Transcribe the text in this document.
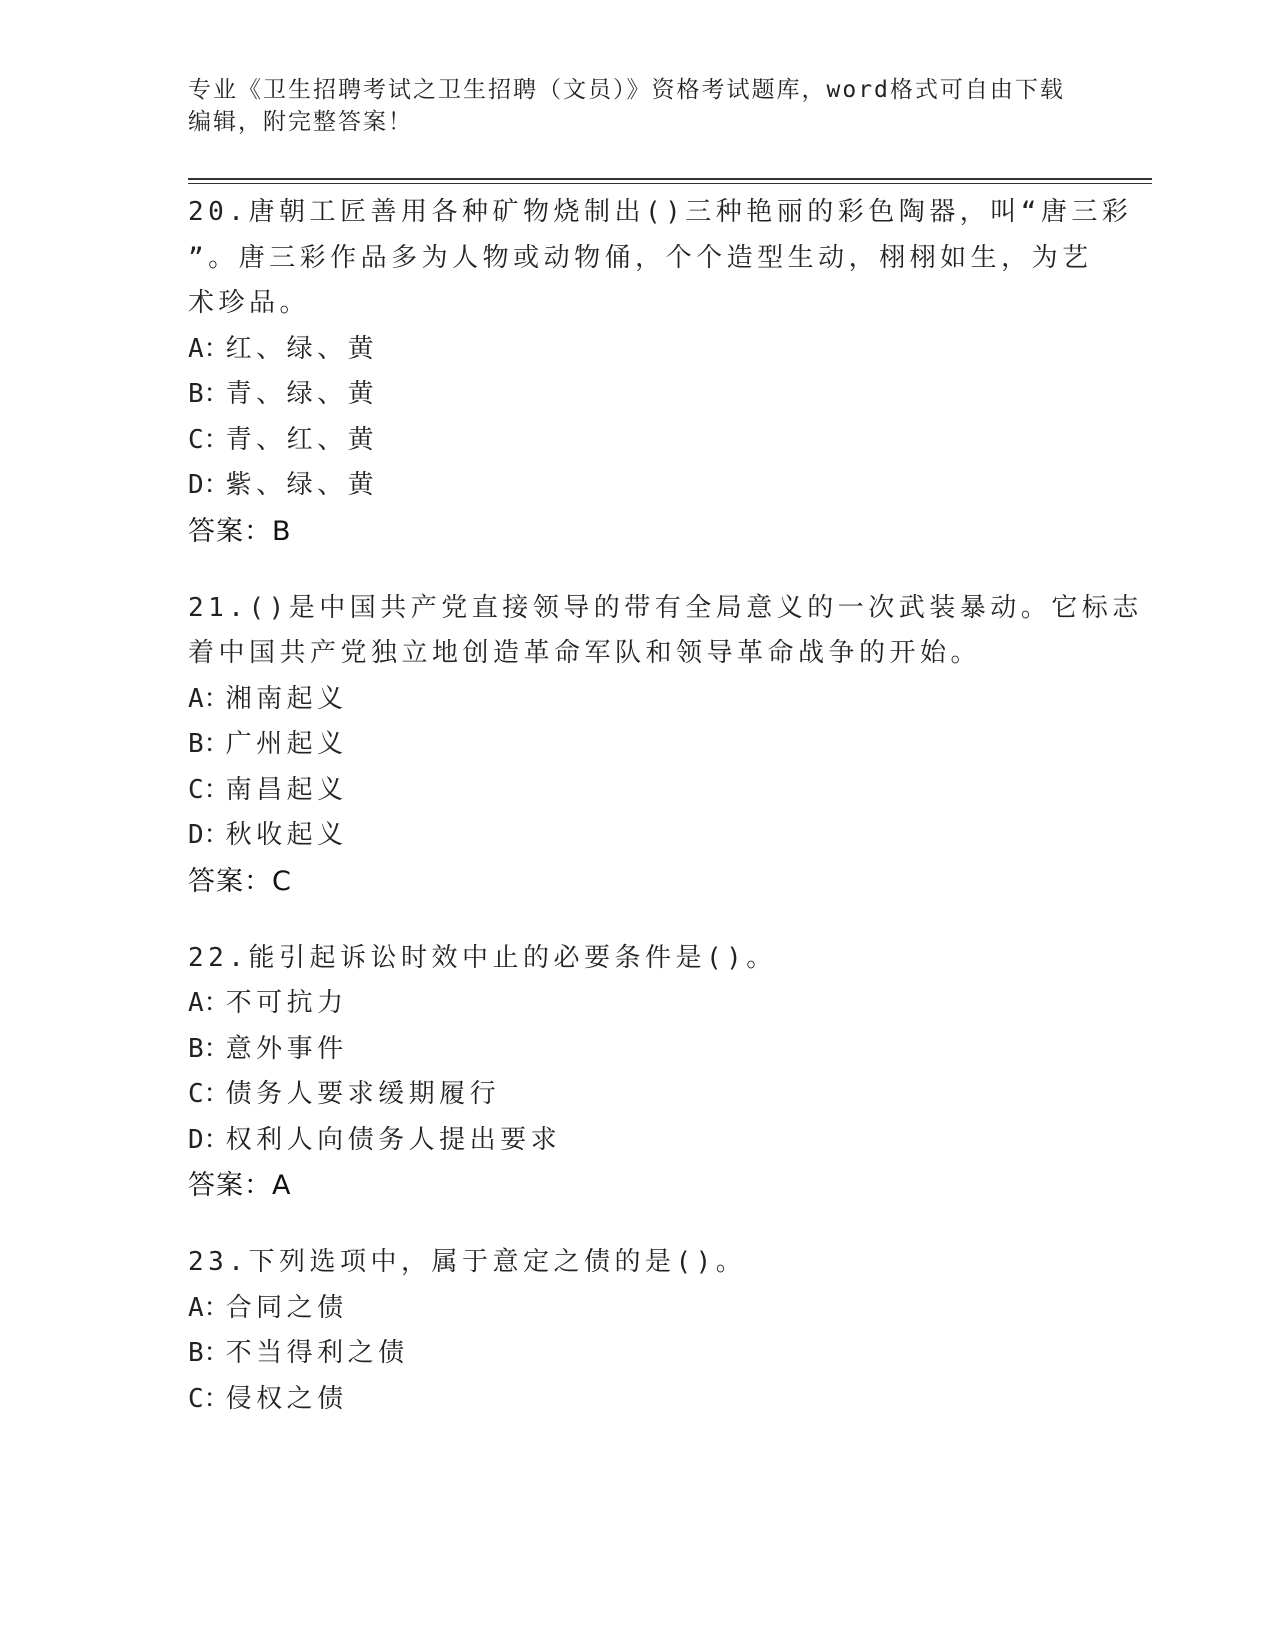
专业《卫生招聘考试之卫生招聘（文员）》资格考试题库，word格式可自由下载
编辑，附完整答案！
20.唐朝工匠善用各种矿物烧制出()三种艳丽的彩色陶器，叫“唐三彩
”。唐三彩作品多为人物或动物俑，个个造型生动，栩栩如生，为艺
术珍品。
A：红、绿、黄
B：青、绿、黄
C：青、红、黄
D：紫、绿、黄
答案：B
21.()是中国共产党直接领导的带有全局意义的一次武装暴动。它标志
着中国共产党独立地创造革命军队和领导革命战争的开始。
A：湘南起义
B：广州起义
C：南昌起义
D：秋收起义
答案：C
22.能引起诉讼时效中止的必要条件是()。
A：不可抗力
B：意外事件
C：债务人要求缓期履行
D：权利人向债务人提出要求
答案：A
23.下列选项中，属于意定之债的是()。
A：合同之债
B：不当得利之债
C：侵权之债
